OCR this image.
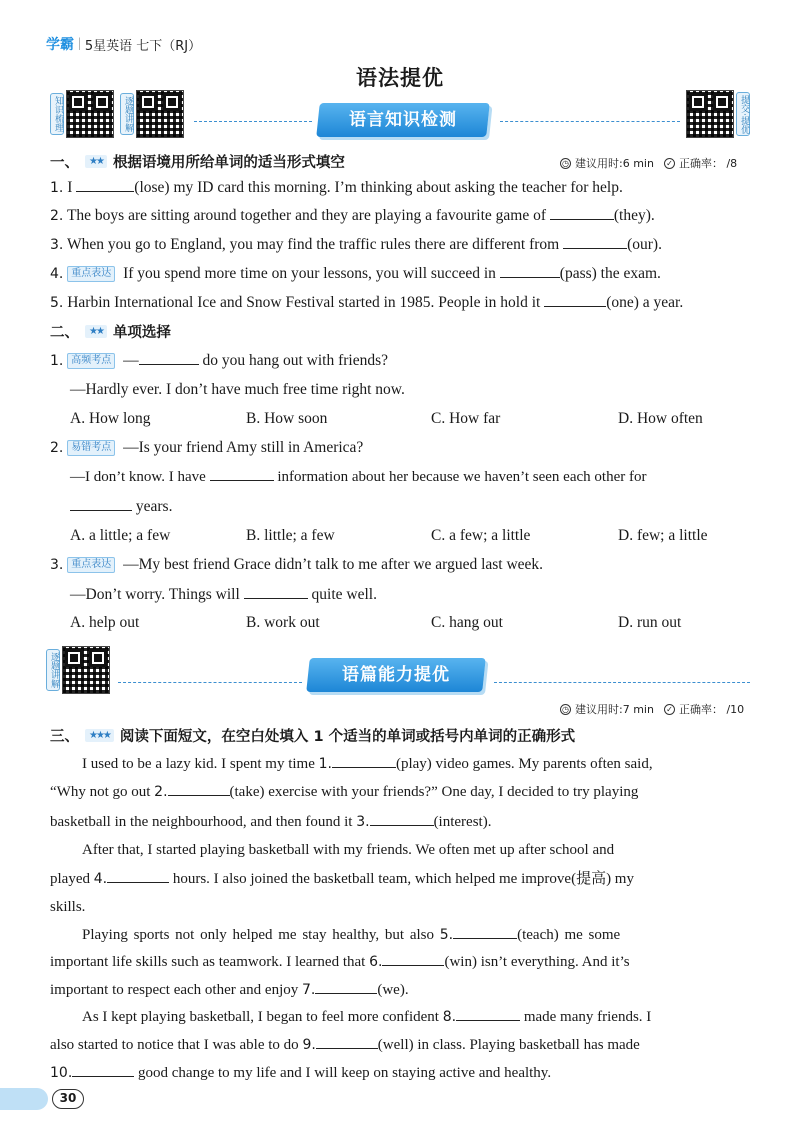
学霸 | 5星英语 七下（RJ）
语法提优
知识梳理	逐题讲解	提交·提优
语言知识检测
一、	★★ 根据语境用所给单词的适当形式填空	◷ 建议用时:6 min ✓ 正确率： /8
1. I	(lose) my ID card this morning. I’m thinking about asking the teacher for help.
2. The boys are sitting around together and they are playing a favourite game of	(they).
3. When you go to England, you may find the traffic rules there are different from	(our).
4. 重点表达 If you spend more time on your lessons, you will succeed in	(pass) the exam.
5. Harbin International Ice and Snow Festival started in 1985. People in hold it	(one) a year.
二、	★★ 单项选择
1. 高频考点 —	do you hang out with friends?
—Hardly ever. I don’t have much free time right now.
A. How long	B. How soon	C. How far	D. How often
2. 易错考点 —Is your friend Amy still in America?
—I don’t know. I have	information about her because we haven’t seen each other for
years.
A. a little; a few	B. little; a few	C. a few; a little	D. few; a little
3. 重点表达 —My best friend Grace didn’t talk to me after we argued last week.
—Don’t worry. Things will	quite well.
A. help out	B. work out	C. hang out	D. run out
逐题讲解	语篇能力提优
◷ 建议用时:7 min ✓ 正确率： /10
三、	★★★ 阅读下面短文，在空白处填入 1 个适当的单词或括号内单词的正确形式
I used to be a lazy kid. I spent my time 1.	(play) video games. My parents often said,
“Why not go out 2.	(take) exercise with your friends?” One day, I decided to try playing
basketball in the neighbourhood, and then found it 3.	(interest).
After that, I started playing basketball with my friends. We often met up after school and
played 4.	hours. I also joined the basketball team, which helped me improve(提高) my
skills.
Playing sports not only helped me stay healthy, but also 5.	(teach) me some
important life skills such as teamwork. I learned that 6.	(win) isn’t everything. And it’s
important to respect each other and enjoy 7.	(we).
As I kept playing basketball, I began to feel more confident 8.	made many friends. I
also started to notice that I was able to do 9.	(well) in class. Playing basketball has made
10.	good change to my life and I will keep on staying active and healthy.
30
